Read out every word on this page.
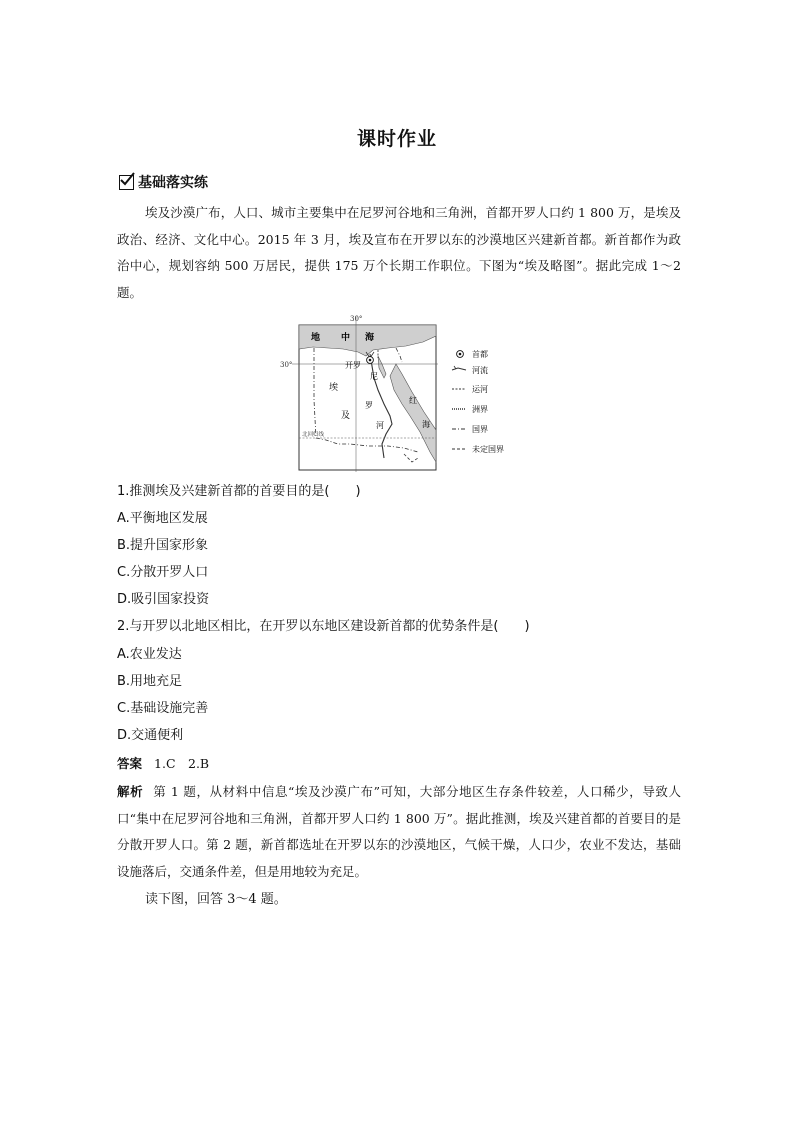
课时作业
基础落实练
埃及沙漠广布，人口、城市主要集中在尼罗河谷地和三角洲，首都开罗人口约 1 800 万，是埃及政治、经济、文化中心。2015 年 3 月，埃及宣布在开罗以东的沙漠地区兴建新首都。新首都作为政治中心，规划容纳 500 万居民，提供 175 万个长期工作职位。下图为“埃及略图”。据此完成 1～2 题。
30°
30°
地 中 海
开罗
埃
及
尼
罗
河
红
海
北回归线
首都
河流
运河
洲界
国界
未定国界
1.推测埃及兴建新首都的首要目的是(　　)
A.平衡地区发展
B.提升国家形象
C.分散开罗人口
D.吸引国家投资
2.与开罗以北地区相比，在开罗以东地区建设新首都的优势条件是(　　)
A.农业发达
B.用地充足
C.基础设施完善
D.交通便利
答案 1.C　2.B
解析 第 1 题，从材料中信息“埃及沙漠广布”可知，大部分地区生存条件较差，人口稀少，导致人口“集中在尼罗河谷地和三角洲，首都开罗人口约 1 800 万”。据此推测，埃及兴建首都的首要目的是分散开罗人口。第 2 题，新首都选址在开罗以东的沙漠地区，气候干燥，人口少，农业不发达，基础设施落后，交通条件差，但是用地较为充足。
读下图，回答 3～4 题。
